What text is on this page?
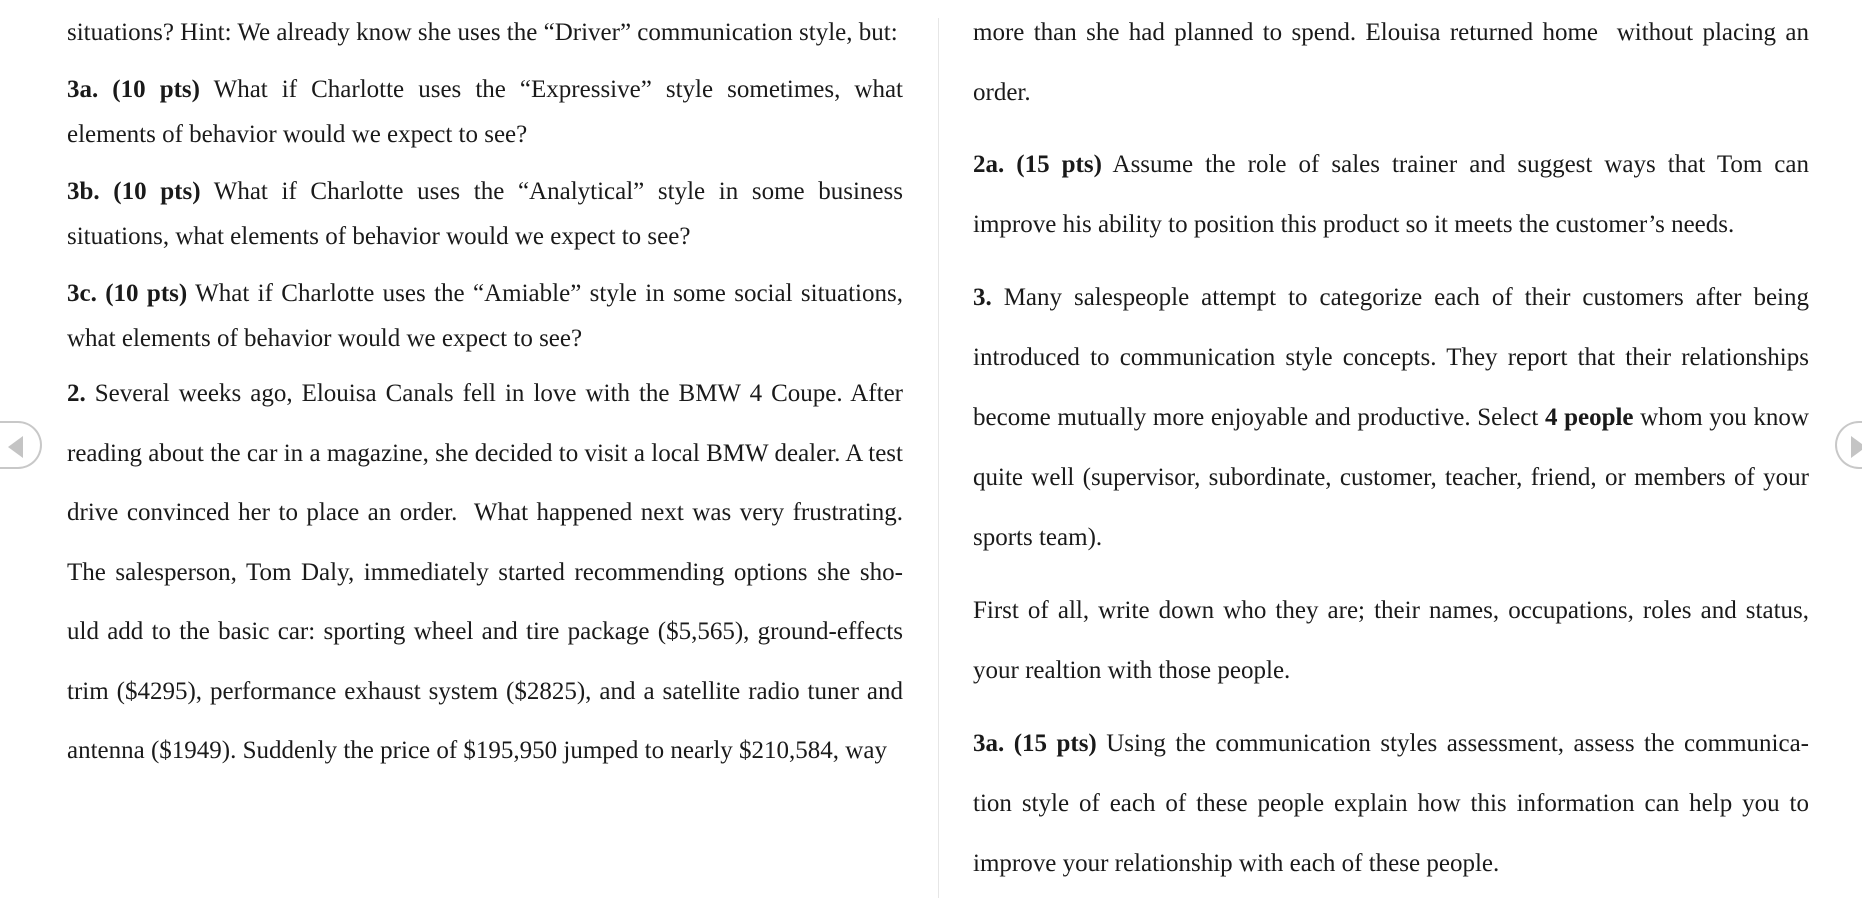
situations? Hint: We already know she uses the “Driver” communication style, but:

3a. (10 pts) What if Charlotte uses the “Expressive” style sometimes, what elements of behavior would we expect to see?

3b. (10 pts) What if Charlotte uses the “Analytical” style in some business situations, what elements of behavior would we expect to see?

3c. (10 pts) What if Charlotte uses the “Amiable” style in some social situations, what elements of behavior would we expect to see?

2. Several weeks ago, Elouisa Canals fell in love with the BMW 4 Coupe. After reading about the car in a magazine, she decided to visit a local BMW dealer. A test drive convinced her to place an order.  What happened next was very frustrating. The salesperson, Tom Daly, immediately started recommending options she sho-uld add to the basic car: sporting wheel and tire package ($5,565), ground-effects trim ($4295), performance exhaust system ($2825), and a satellite radio tuner and antenna ($1949). Suddenly the price of $195,950 jumped to nearly $210,584, way

more than she had planned to spend. Elouisa returned home  without placing an order.

2a. (15 pts) Assume the role of sales trainer and suggest ways that Tom can improve his ability to position this product so it meets the customer’s needs.

3. Many salespeople attempt to categorize each of their customers after being introduced to communication style concepts. They report that their relationships become mutually more enjoyable and productive. Select 4 people whom you know quite well (supervisor, subordinate, customer, teacher, friend, or members of your sports team).

First of all, write down who they are; their names, occupations, roles and status, your realtion with those people.

3a. (15 pts) Using the communication styles assessment, assess the communica-tion style of each of these people explain how this information can help you to improve your relationship with each of these people.
